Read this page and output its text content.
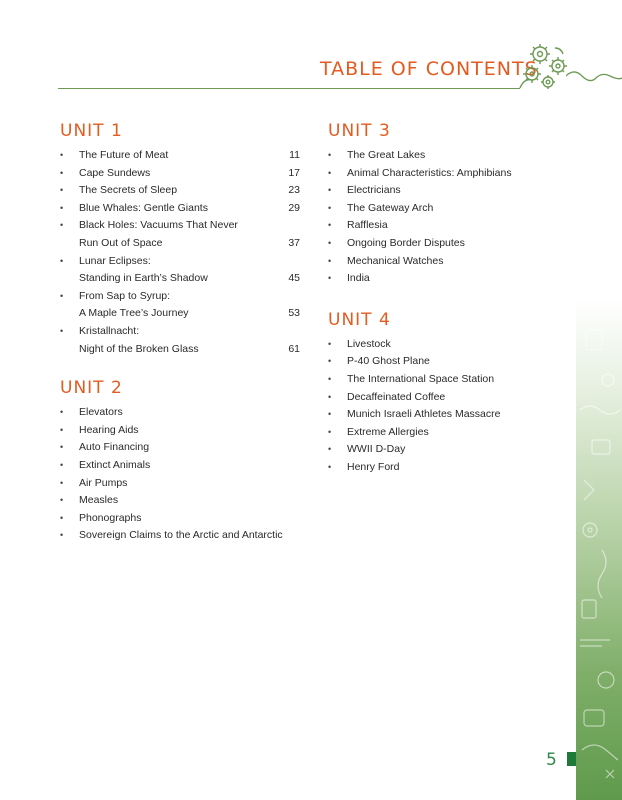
TABLE OF CONTENTS
UNIT 1
• The Future of Meat	11
• Cape Sundews	17
• The Secrets of Sleep	23
• Blue Whales: Gentle Giants	29
• Black Holes: Vacuums That Never
Run Out of Space	37
• Lunar Eclipses:
Standing in Earth’s Shadow	45
• From Sap to Syrup:
A Maple Tree’s Journey	53
• Kristallnacht:
Night of the Broken Glass	61
UNIT 2
• Elevators
• Hearing Aids
• Auto Financing
• Extinct Animals
• Air Pumps
• Measles
• Phonographs
• Sovereign Claims to the Arctic and Antarctic
UNIT 3
• The Great Lakes
• Animal Characteristics: Amphibians
• Electricians
• The Gateway Arch
• Rafflesia
• Ongoing Border Disputes
• Mechanical Watches
• India
UNIT 4
• Livestock
• P-40 Ghost Plane
• The International Space Station
• Decaffeinated Coffee
• Munich Israeli Athletes Massacre
• Extreme Allergies
• WWII D-Day
• Henry Ford
5
